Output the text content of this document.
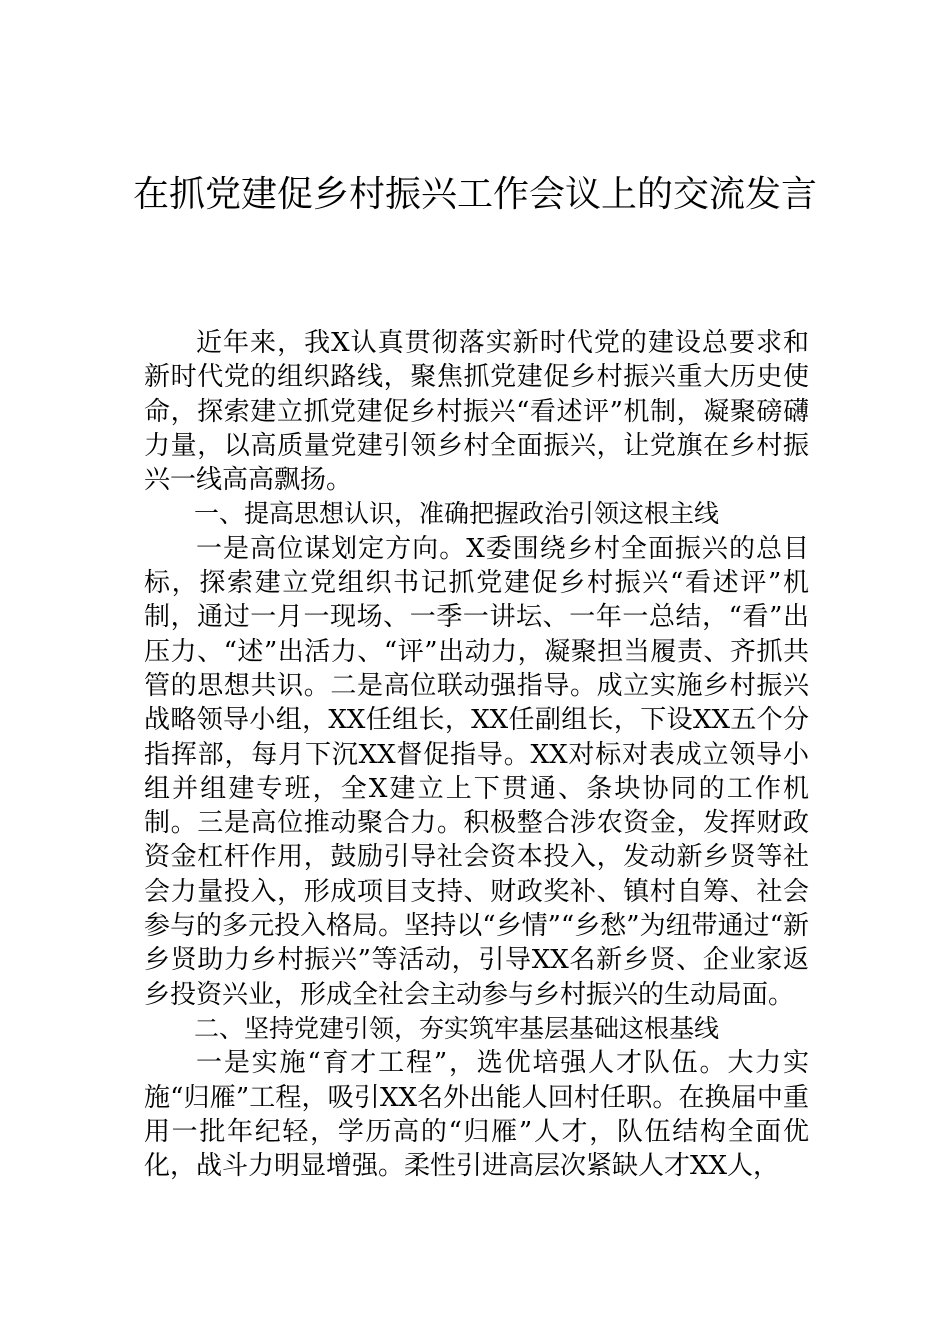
在抓党建促乡村振兴工作会议上的交流发言

近年来，我X认真贯彻落实新时代党的建设总要求和新时代党的组织路线，聚焦抓党建促乡村振兴重大历史使命，探索建立抓党建促乡村振兴“看述评”机制，凝聚磅礴力量，以高质量党建引领乡村全面振兴，让党旗在乡村振兴一线高高飘扬。

一、提高思想认识，准确把握政治引领这根主线

一是高位谋划定方向。X委围绕乡村全面振兴的总目标，探索建立党组织书记抓党建促乡村振兴“看述评”机制，通过一月一现场、一季一讲坛、一年一总结，“看”出压力、“述”出活力、“评”出动力，凝聚担当履责、齐抓共管的思想共识。二是高位联动强指导。成立实施乡村振兴战略领导小组，XX任组长，XX任副组长，下设XX五个分指挥部，每月下沉XX督促指导。XX对标对表成立领导小组并组建专班，全X建立上下贯通、条块协同的工作机制。三是高位推动聚合力。积极整合涉农资金，发挥财政资金杠杆作用，鼓励引导社会资本投入，发动新乡贤等社会力量投入，形成项目支持、财政奖补、镇村自筹、社会参与的多元投入格局。坚持以“乡情”“乡愁”为纽带通过“新乡贤助力乡村振兴”等活动，引导XX名新乡贤、企业家返乡投资兴业，形成全社会主动参与乡村振兴的生动局面。

二、坚持党建引领，夯实筑牢基层基础这根基线

一是实施“育才工程”，选优培强人才队伍。大力实施“归雁”工程，吸引XX名外出能人回村任职。在换届中重用一批年纪轻，学历高的“归雁”人才，队伍结构全面优化，战斗力明显增强。柔性引进高层次紧缺人才XX人，
